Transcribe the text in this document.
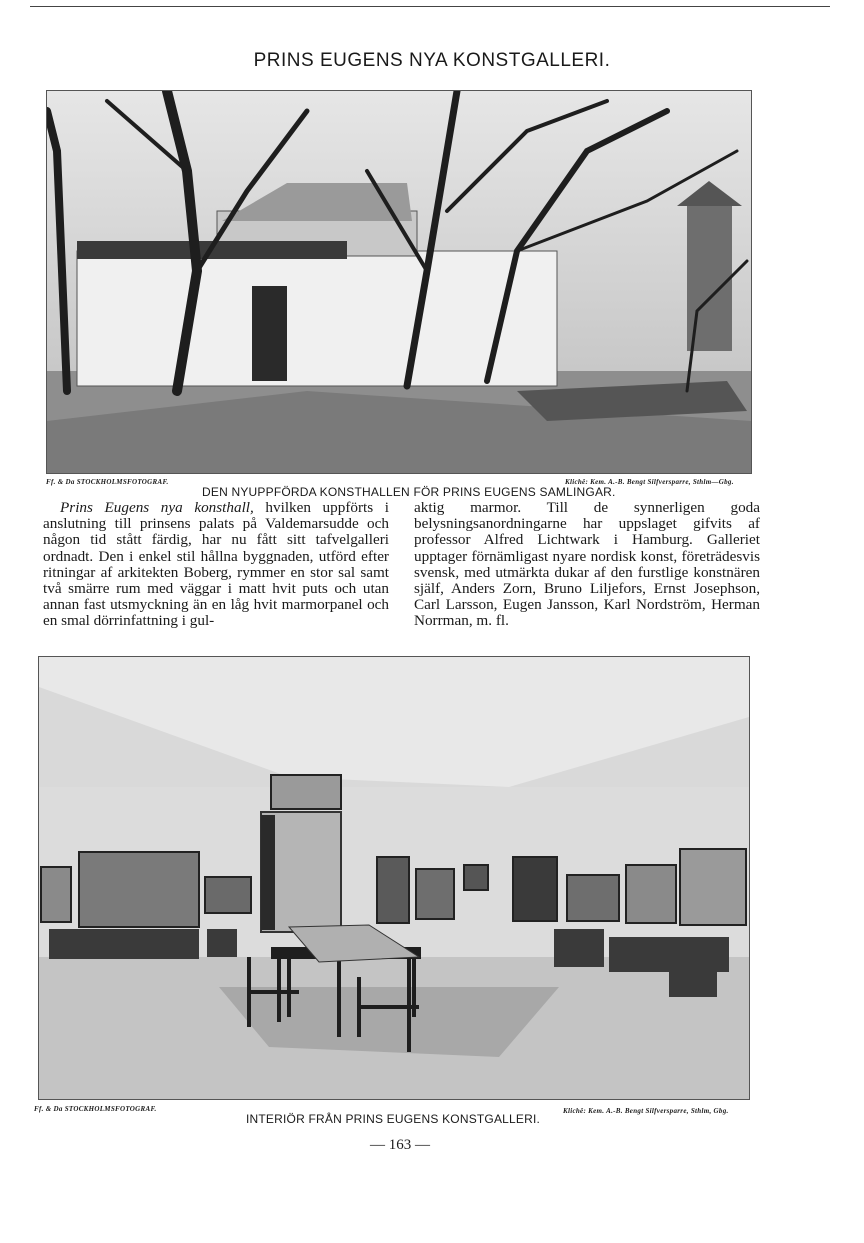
PRINS EUGENS NYA KONSTGALLERI.
Ff. & Da STOCKHOLMSFOTOGRAF.	Klichê: Kem. A.-B. Bengt Silfversparre, Sthlm—Gbg.
DEN NYUPPFÖRDA KONSTHALLEN FÖR PRINS EUGENS SAMLINGAR.

Prins Eugens nya konsthall, hvilken uppförts i anslutning till prinsens palats på Valdemarsudde och någon tid stått färdig, har nu fått sitt tafvelgalleri ordnadt. Den i enkel stil hållna byggnaden, utförd efter ritningar af arkitekten Boberg, rymmer en stor sal samt två smärre rum med väggar i matt hvit puts och utan annan fast utsmyckning än en låg hvit marmorpanel och en smal dörrinfattning i gul-

aktig marmor. Till de synnerligen goda belysningsanordningarne har uppslaget gifvits af professor Alfred Lichtwark i Hamburg. Galleriet upptager förnämligast nyare nordisk konst, företrädesvis svensk, med utmärkta dukar af den furstlige konstnären själf, Anders Zorn, Bruno Liljefors, Ernst Josephson, Carl Larsson, Eugen Jansson, Karl Nordström, Herman Norrman, m. fl.

Ff. & Da STOCKHOLMSFOTOGRAF.	Klichê: Kem. A.-B. Bengt Silfversparre, Sthlm, Gbg.
INTERIÖR FRÅN PRINS EUGENS KONSTGALLERI.
— 163 —
